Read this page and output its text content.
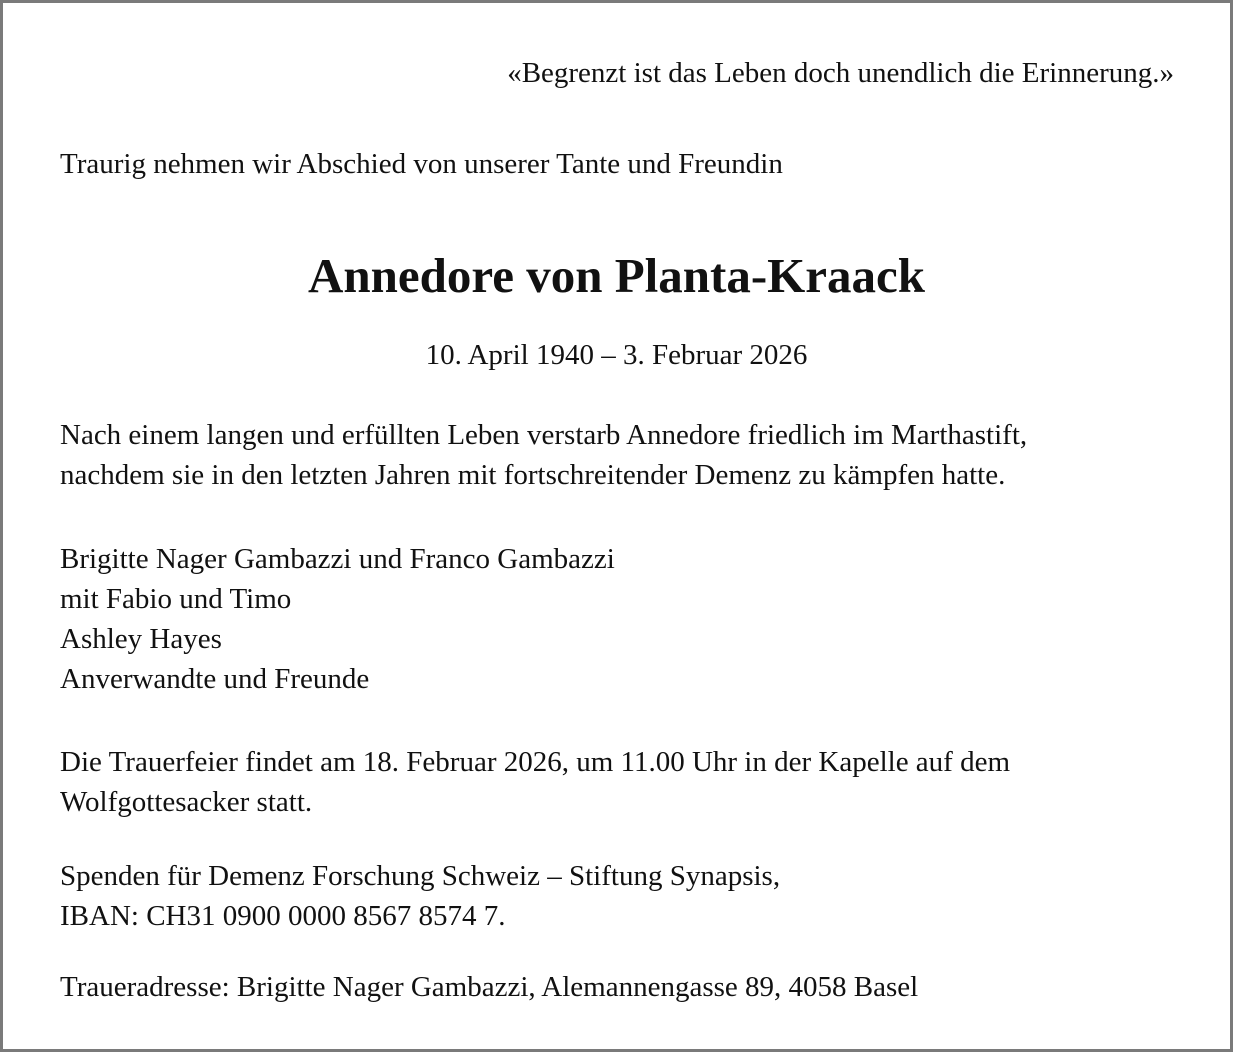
«Begrenzt ist das Leben doch unendlich die Erinnerung.»

Traurig nehmen wir Abschied von unserer Tante und Freundin

Annedore von Planta-Kraack

10. April 1940 – 3. Februar 2026

Nach einem langen und erfüllten Leben verstarb Annedore friedlich im Marthastift,

nachdem sie in den letzten Jahren mit fortschreitender Demenz zu kämpfen hatte.

Brigitte Nager Gambazzi und Franco Gambazzi

mit Fabio und Timo

Ashley Hayes

Anverwandte und Freunde

Die Trauerfeier findet am 18. Februar 2026, um 11.00 Uhr in der Kapelle auf dem

Wolfgottesacker statt.

Spenden für Demenz Forschung Schweiz – Stiftung Synapsis,

IBAN: CH31 0900 0000 8567 8574 7.

Traueradresse: Brigitte Nager Gambazzi, Alemannengasse 89, 4058 Basel
